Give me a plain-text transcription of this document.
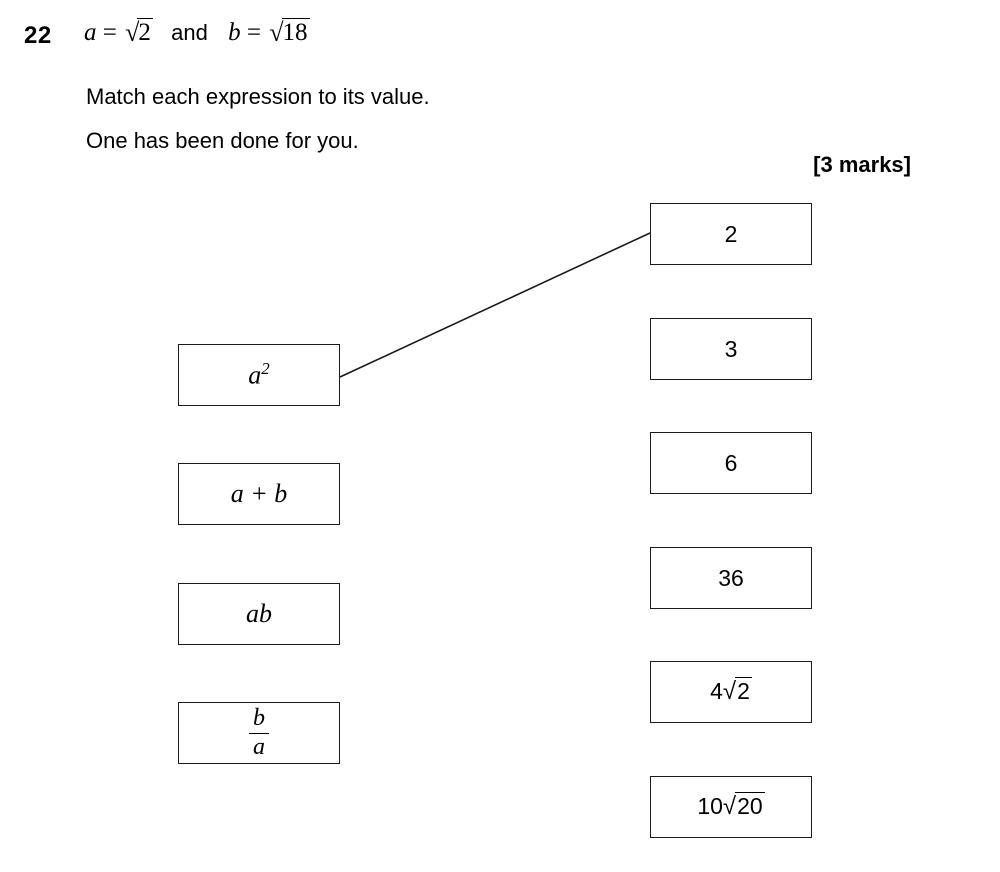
22 a = √2 and b = √18
Match each expression to its value.
One has been done for you.
[3 marks]
$a^2$
a + b
ab
$\frac{b}{a}$
2
3
6
36
4√2
10√20
